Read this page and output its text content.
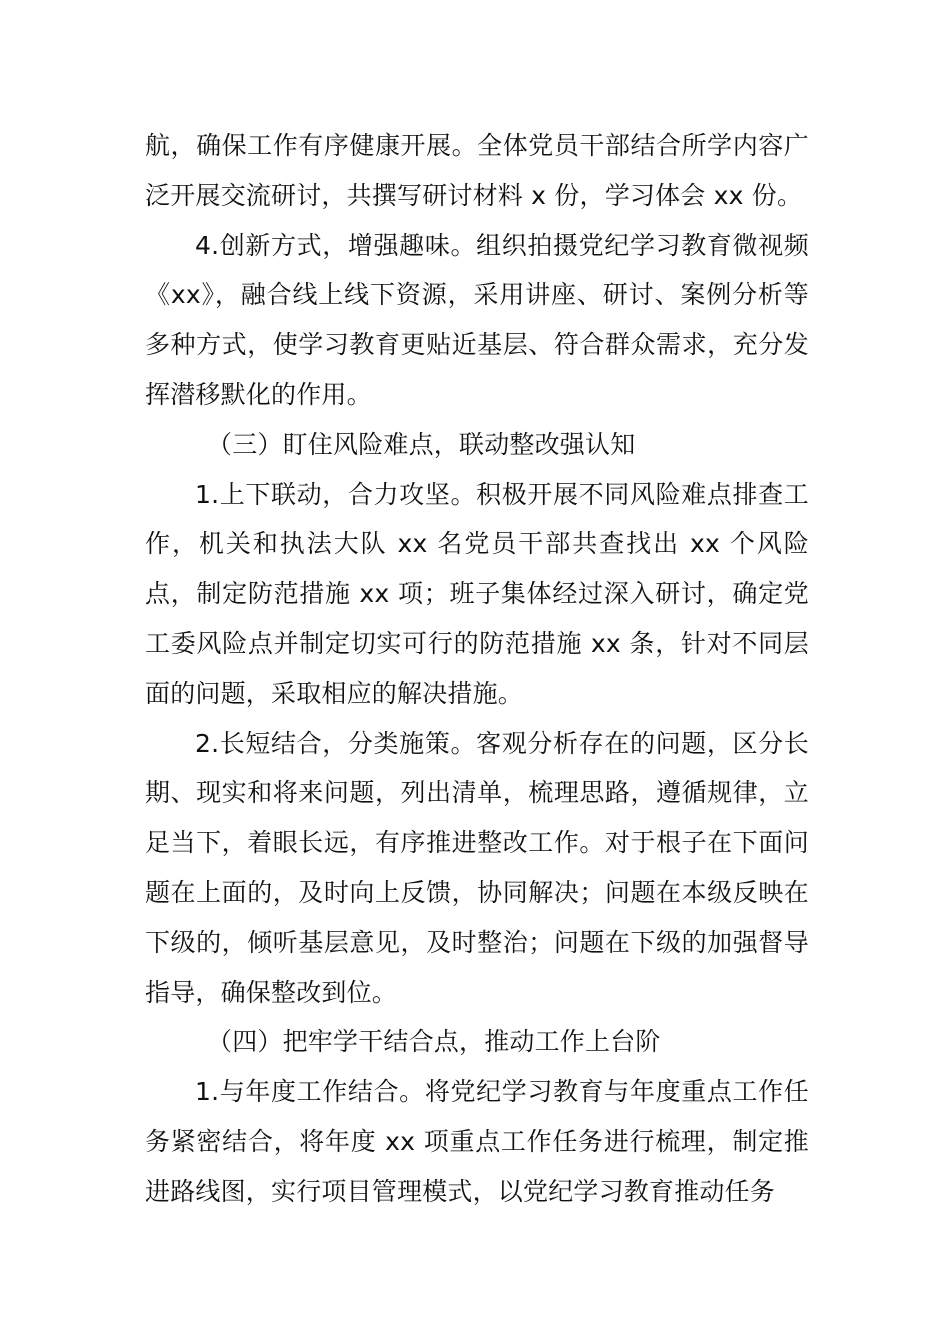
航，确保工作有序健康开展。全体党员干部结合所学内容广泛开展交流研讨，共撰写研讨材料 x 份，学习体会 xx 份。

4.创新方式，增强趣味。组织拍摄党纪学习教育微视频《xx》，融合线上线下资源，采用讲座、研讨、案例分析等多种方式，使学习教育更贴近基层、符合群众需求，充分发挥潜移默化的作用。

（三）盯住风险难点，联动整改强认知

1.上下联动，合力攻坚。积极开展不同风险难点排查工作，机关和执法大队 xx 名党员干部共查找出 xx 个风险点，制定防范措施 xx 项；班子集体经过深入研讨，确定党工委风险点并制定切实可行的防范措施 xx 条，针对不同层面的问题，采取相应的解决措施。

2.长短结合，分类施策。客观分析存在的问题，区分长期、现实和将来问题，列出清单，梳理思路，遵循规律，立足当下，着眼长远，有序推进整改工作。对于根子在下面问题在上面的，及时向上反馈，协同解决；问题在本级反映在下级的，倾听基层意见，及时整治；问题在下级的加强督导指导，确保整改到位。

（四）把牢学干结合点，推动工作上台阶

1.与年度工作结合。将党纪学习教育与年度重点工作任务紧密结合，将年度 xx 项重点工作任务进行梳理，制定推进路线图，实行项目管理模式，以党纪学习教育推动任务
